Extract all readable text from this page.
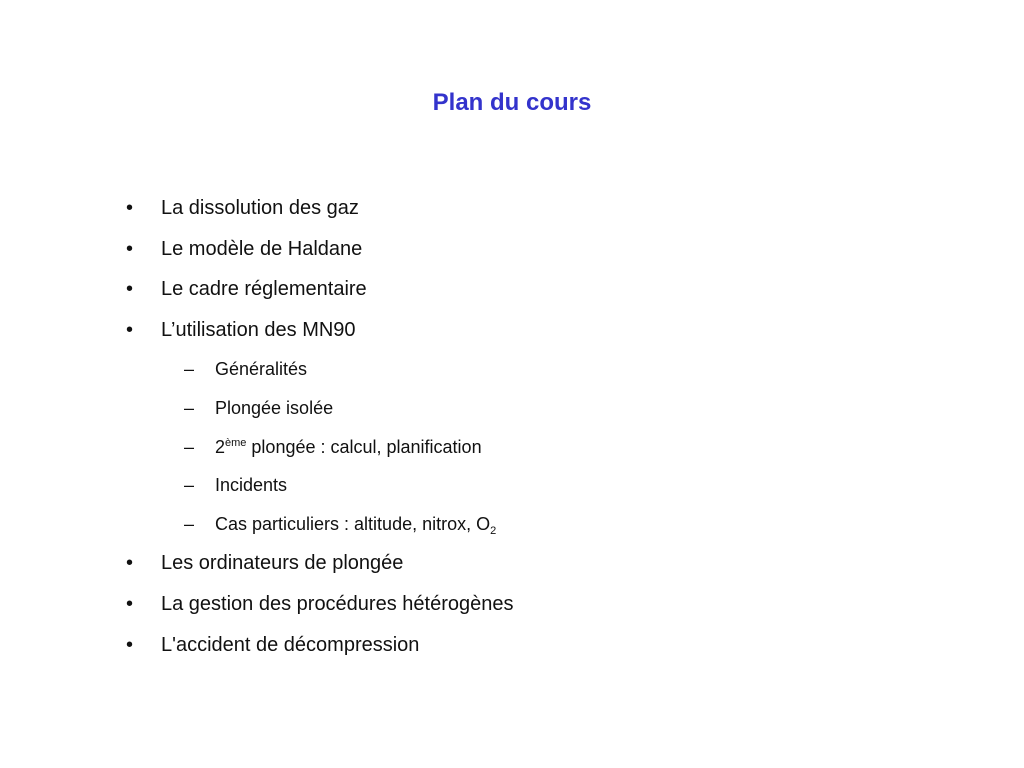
Plan du cours
•	La dissolution des gaz
•	Le modèle de Haldane
•	Le cadre réglementaire
•	L’utilisation des MN90
– Généralités
– Plongée isolée
– 2ème plongée : calcul, planification
– Incidents
– Cas particuliers : altitude, nitrox, $O_2$
•	Les ordinateurs de plongée
•	La gestion des procédures hétérogènes
•	L'accident de décompression
